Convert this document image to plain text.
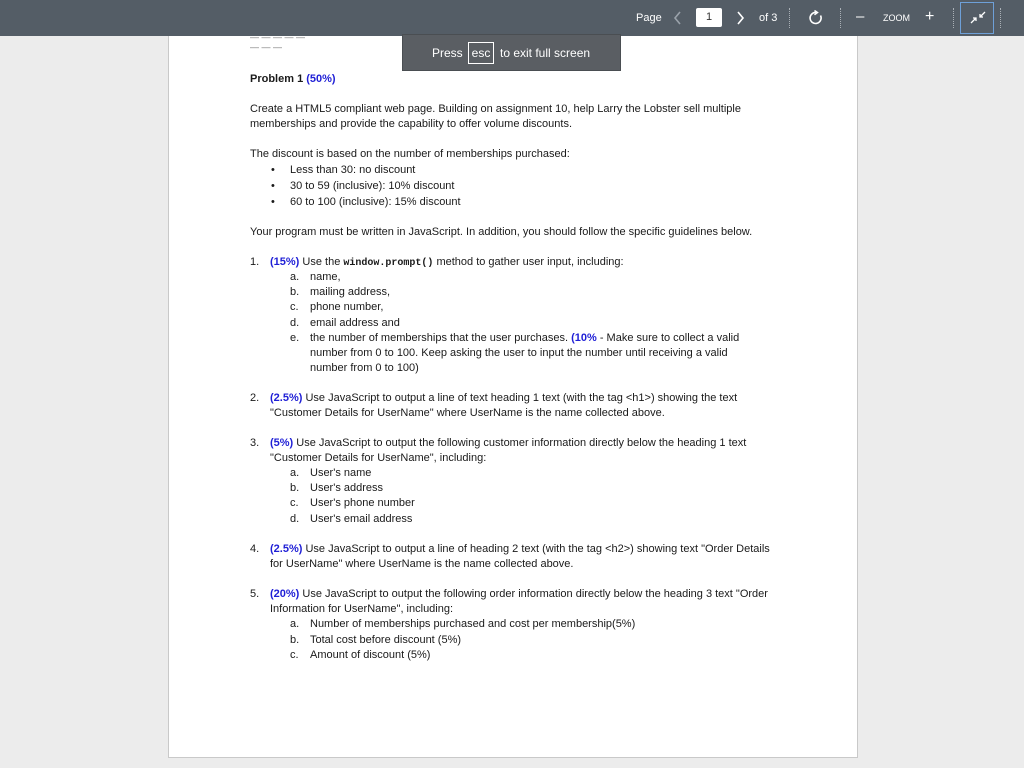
Page	1	of 3	– ZOOM +
— — — — — — — —
Problem 1 (50%)
Create a HTML5 compliant web page. Building on assignment 10, help Larry the Lobster sell multiple memberships and provide the capability to offer volume discounts.
The discount is based on the number of memberships purchased:
• Less than 30: no discount
• 30 to 59 (inclusive): 10% discount
• 60 to 100 (inclusive): 15% discount
Your program must be written in JavaScript. In addition, you should follow the specific guidelines below.
1. (15%) Use the window.prompt() method to gather user input, including:
a. name,
b. mailing address,
c. phone number,
d. email address and
e. the number of memberships that the user purchases. (10% - Make sure to collect a valid number from 0 to 100. Keep asking the user to input the number until receiving a valid number from 0 to 100)
2. (2.5%) Use JavaScript to output a line of text heading 1 text (with the tag <h1>) showing the text "Customer Details for UserName" where UserName is the name collected above.
3. (5%) Use JavaScript to output the following customer information directly below the heading 1 text "Customer Details for UserName", including:
a. User's name
b. User's address
c. User's phone number
d. User's email address
4. (2.5%) Use JavaScript to output a line of heading 2 text (with the tag <h2>) showing text "Order Details for UserName" where UserName is the name collected above.
5. (20%) Use JavaScript to output the following order information directly below the heading 3 text "Order Information for UserName", including:
a. Number of memberships purchased and cost per membership(5%)
b. Total cost before discount (5%)
c. Amount of discount (5%)
Press esc to exit full screen
